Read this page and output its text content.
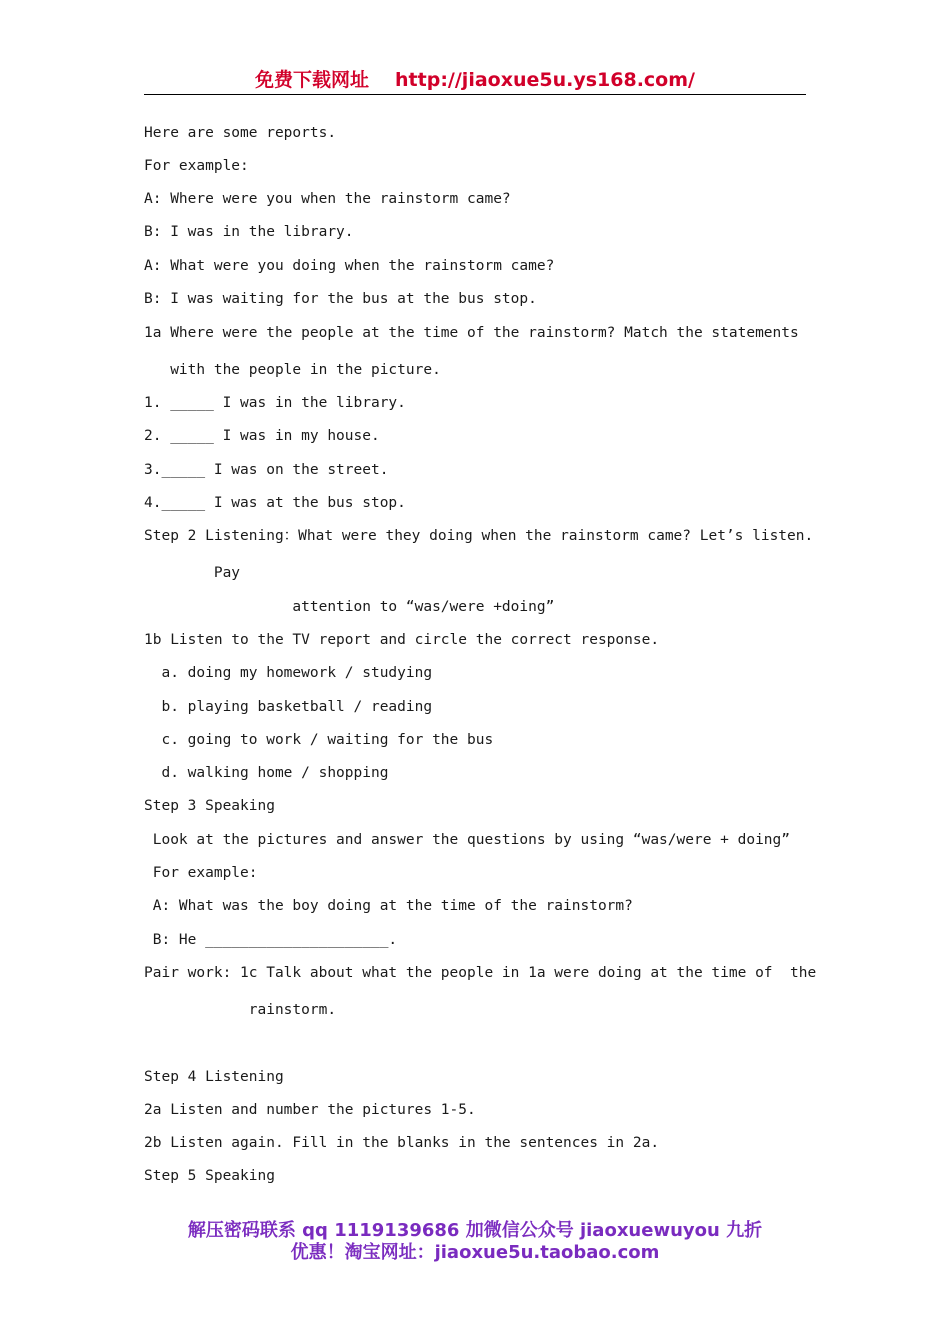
免费下载网址 http://jiaoxue5u.ys168.com/
Here are some reports.
For example:
A: Where were you when the rainstorm came?
B: I was in the library.
A: What were you doing when the rainstorm came?
B: I was waiting for the bus at the bus stop.
1a Where were the people at the time of the rainstorm? Match the statements
with the people in the picture.
1. _____ I was in the library.
2. _____ I was in my house.
3._____ I was on the street.
4._____ I was at the bus stop.
Step 2 Listening：What were they doing when the rainstorm came? Let’s listen.
Pay
attention to “was/were +doing”
1b Listen to the TV report and circle the correct response.
a. doing my homework / studying
b. playing basketball / reading
c. going to work / waiting for the bus
d. walking home / shopping
Step 3 Speaking
Look at the pictures and answer the questions by using “was/were + doing”
For example:
A: What was the boy doing at the time of the rainstorm?
B: He _____________________.
Pair work: 1c Talk about what the people in 1a were doing at the time of  the
rainstorm.
Step 4 Listening
2a Listen and number the pictures 1-5.
2b Listen again. Fill in the blanks in the sentences in 2a.
Step 5 Speaking
解压密码联系 qq 1119139686 加微信公众号 jiaoxuewuyou 九折
优惠！淘宝网址：jiaoxue5u.taobao.com
